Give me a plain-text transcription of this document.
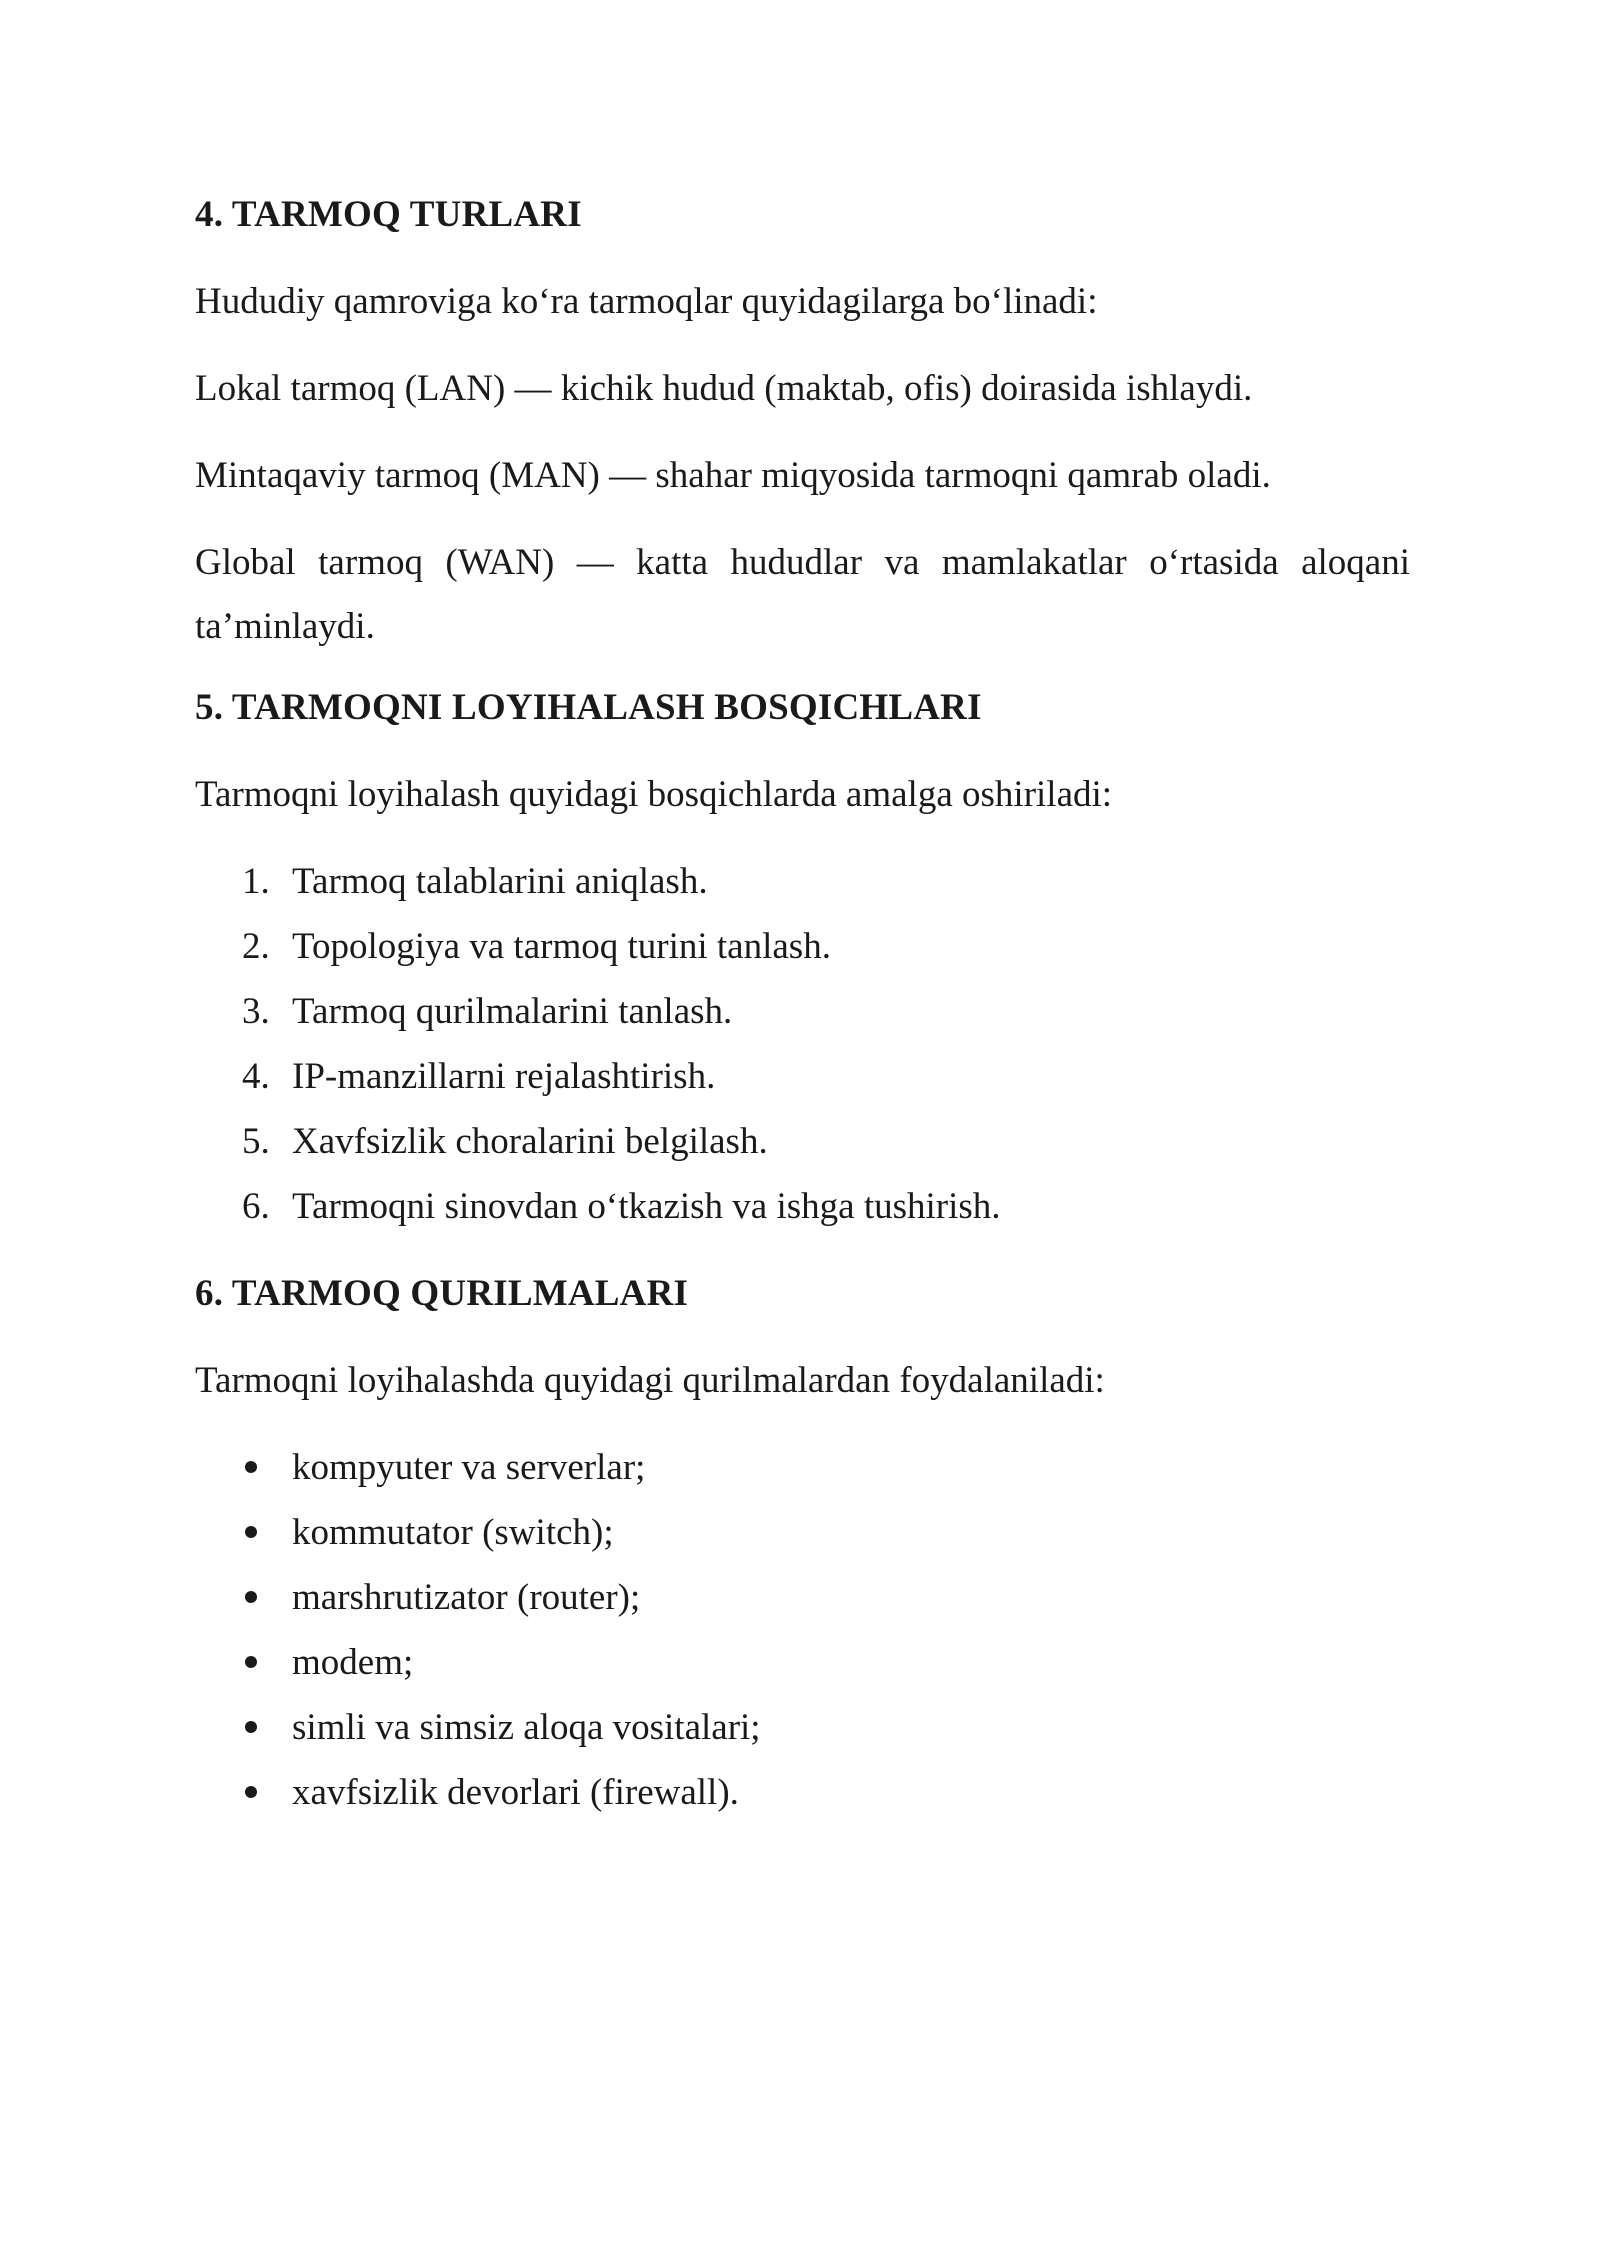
4. TARMOQ TURLARI
Hududiy qamroviga ko‘ra tarmoqlar quyidagilarga bo‘linadi:
Lokal tarmoq (LAN) — kichik hudud (maktab, ofis) doirasida ishlaydi.
Mintaqaviy tarmoq (MAN) — shahar miqyosida tarmoqni qamrab oladi.
Global tarmoq (WAN) — katta hududlar va mamlakatlar o‘rtasida aloqani ta’minlaydi.
5. TARMOQNI LOYIHALASH BOSQICHLARI
Tarmoqni loyihalash quyidagi bosqichlarda amalga oshiriladi:
1. Tarmoq talablarini aniqlash.
2. Topologiya va tarmoq turini tanlash.
3. Tarmoq qurilmalarini tanlash.
4. IP-manzillarni rejalashtirish.
5. Xavfsizlik choralarini belgilash.
6. Tarmoqni sinovdan o‘tkazish va ishga tushirish.
6. TARMOQ QURILMALARI
Tarmoqni loyihalashda quyidagi qurilmalardan foydalaniladi:
kompyuter va serverlar;
kommutator (switch);
marshrutizator (router);
modem;
simli va simsiz aloqa vositalari;
xavfsizlik devorlari (firewall).
